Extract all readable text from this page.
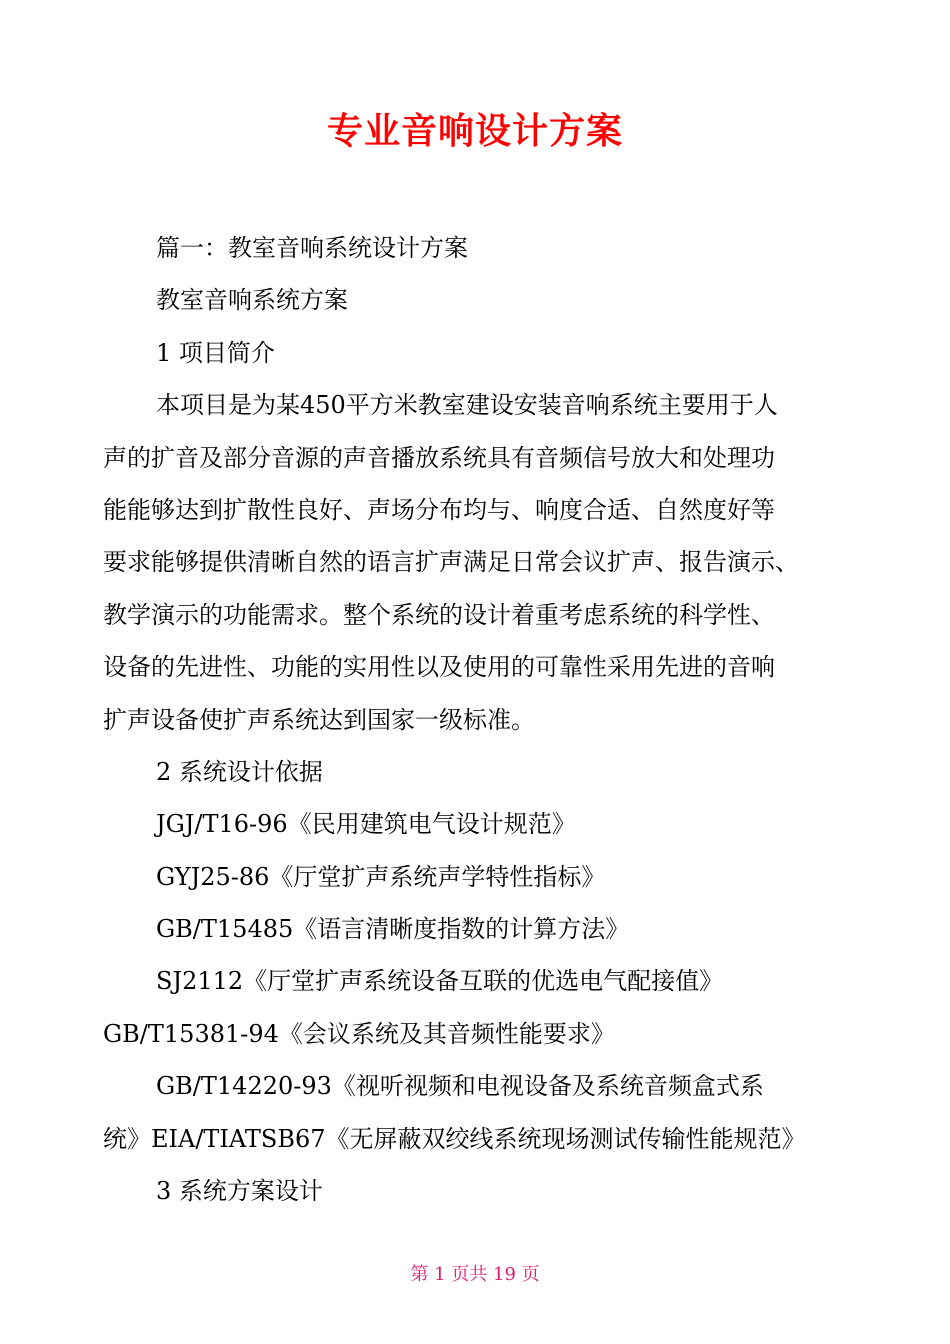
专业音响设计方案
篇一：教室音响系统设计方案
教室音响系统方案
1 项目简介
本项目是为某450平方米教室建设安装音响系统主要用于人
声的扩音及部分音源的声音播放系统具有音频信号放大和处理功
能能够达到扩散性良好、声场分布均与、响度合适、自然度好等
要求能够提供清晰自然的语言扩声满足日常会议扩声、报告演示、
教学演示的功能需求。整个系统的设计着重考虑系统的科学性、
设备的先进性、功能的实用性以及使用的可靠性采用先进的音响
扩声设备使扩声系统达到国家一级标准。
2 系统设计依据
JGJ/T16-96《民用建筑电气设计规范》
GYJ25-86《厅堂扩声系统声学特性指标》
GB/T15485《语言清晰度指数的计算方法》
SJ2112《厅堂扩声系统设备互联的优选电气配接值》
GB/T15381-94《会议系统及其音频性能要求》
GB/T14220-93《视听视频和电视设备及系统音频盒式系
统》EIA/TIATSB67《无屏蔽双绞线系统现场测试传输性能规范》
3 系统方案设计
第 1 页共 19 页
